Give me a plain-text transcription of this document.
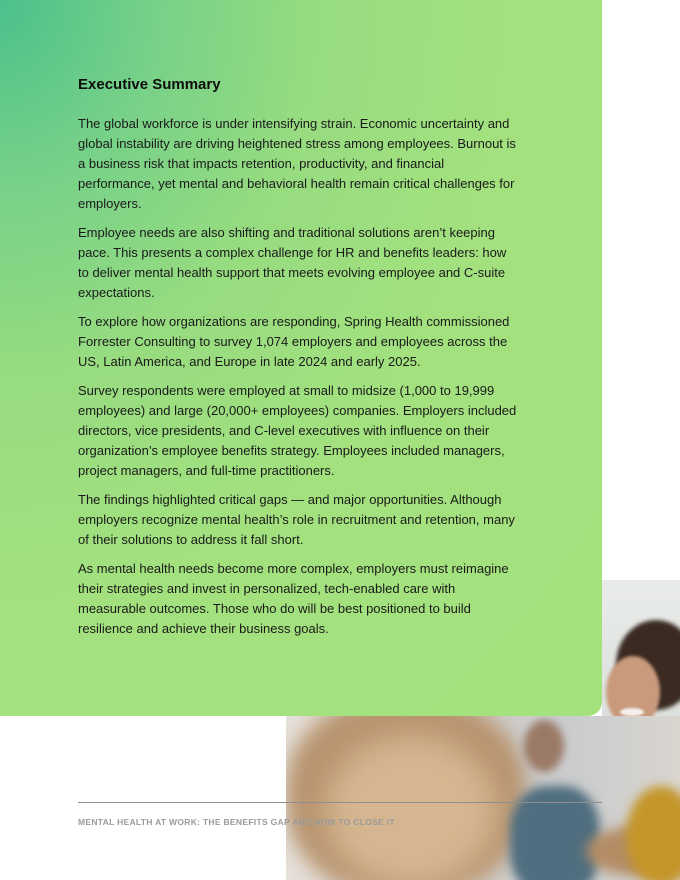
Executive Summary

The global workforce is under intensifying strain. Economic uncertainty and global instability are driving heightened stress among employees. Burnout is a business risk that impacts retention, productivity, and financial performance, yet mental and behavioral health remain critical challenges for employers.

Employee needs are also shifting and traditional solutions aren’t keeping pace. This presents a complex challenge for HR and benefits leaders: how to deliver mental health support that meets evolving employee and C-suite expectations.

To explore how organizations are responding, Spring Health commissioned Forrester Consulting to survey 1,074 employers and employees across the US, Latin America, and Europe in late 2024 and early 2025.

Survey respondents were employed at small to midsize (1,000 to 19,999 employees) and large (20,000+ employees) companies. Employers included directors, vice presidents, and C-level executives with influence on their organization’s employee benefits strategy. Employees included managers, project managers, and full-time practitioners.

The findings highlighted critical gaps — and major opportunities. Although employers recognize mental health’s role in recruitment and retention, many of their solutions to address it fall short.

As mental health needs become more complex, employers must reimagine their strategies and invest in personalized, tech-enabled care with measurable outcomes. Those who do will be best positioned to build resilience and achieve their business goals.

MENTAL HEALTH AT WORK: THE BENEFITS GAP AND HOW TO CLOSE IT	3
